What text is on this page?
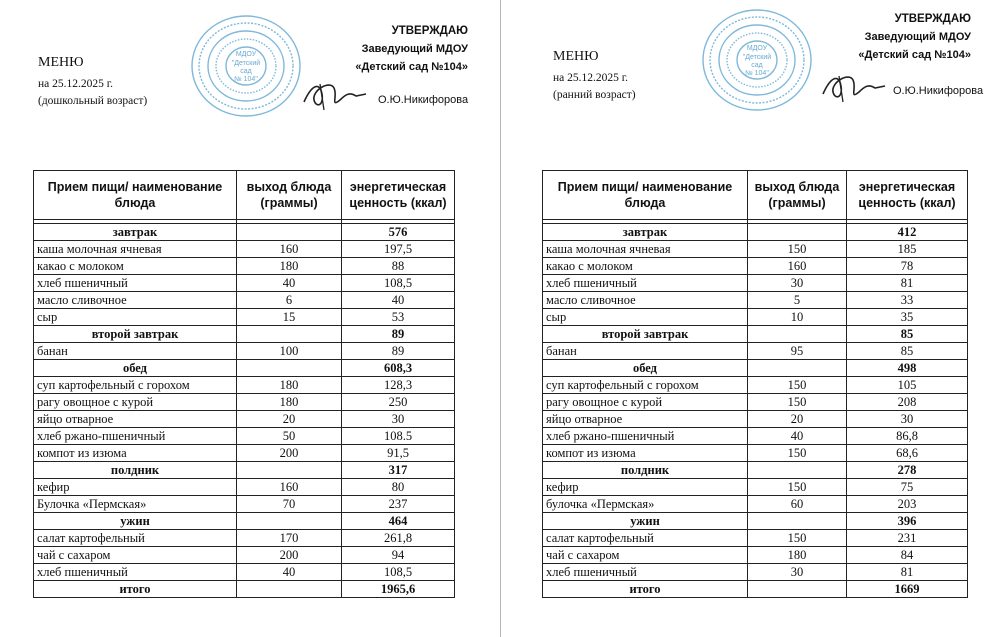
МЕНЮ
на 25.12.2025 г.
(дошкольный возраст)
МДОУ
"Детский
сад
№ 104"
УТВЕРЖДАЮ
Заведующий МДОУ
«Детский сад №104»
О.Ю.Никифорова
Прием пищи/ наименование блюда	выход блюда (граммы)	энергетическая ценность (ккал)

завтрак		576
каша молочная ячневая	160	197,5
какао с молоком	180	88
хлеб пшеничный	40	108,5
масло сливочное	6	40
сыр	15	53
второй завтрак		89
банан	100	89
обед		608,3
суп картофельный с горохом	180	128,3
рагу овощное с курой	180	250
яйцо отварное	20	30
хлеб ржано-пшеничный	50	108.5
компот из изюма	200	91,5
полдник		317
кефир	160	80
Булочка «Пермская»	70	237
ужин		464
салат картофельный	170	261,8
чай с сахаром	200	94
хлеб пшеничный	40	108,5
итого		1965,6
МЕНЮ
на 25.12.2025 г.
(ранний возраст)
МДОУ
"Детский
сад
№ 104"
УТВЕРЖДАЮ
Заведующий МДОУ
«Детский сад №104»
О.Ю.Никифорова
Прием пищи/ наименование блюда	выход блюда (граммы)	энергетическая ценность (ккал)

завтрак		412
каша молочная ячневая	150	185
какао с молоком	160	78
хлеб пшеничный	30	81
масло сливочное	5	33
сыр	10	35
второй завтрак		85
банан	95	85
обед		498
суп картофельный с горохом	150	105
рагу овощное с курой	150	208
яйцо отварное	20	30
хлеб ржано-пшеничный	40	86,8
компот из изюма	150	68,6
полдник		278
кефир	150	75
булочка «Пермская»	60	203
ужин		396
салат картофельный	150	231
чай с сахаром	180	84
хлеб пшеничный	30	81
итого		1669
